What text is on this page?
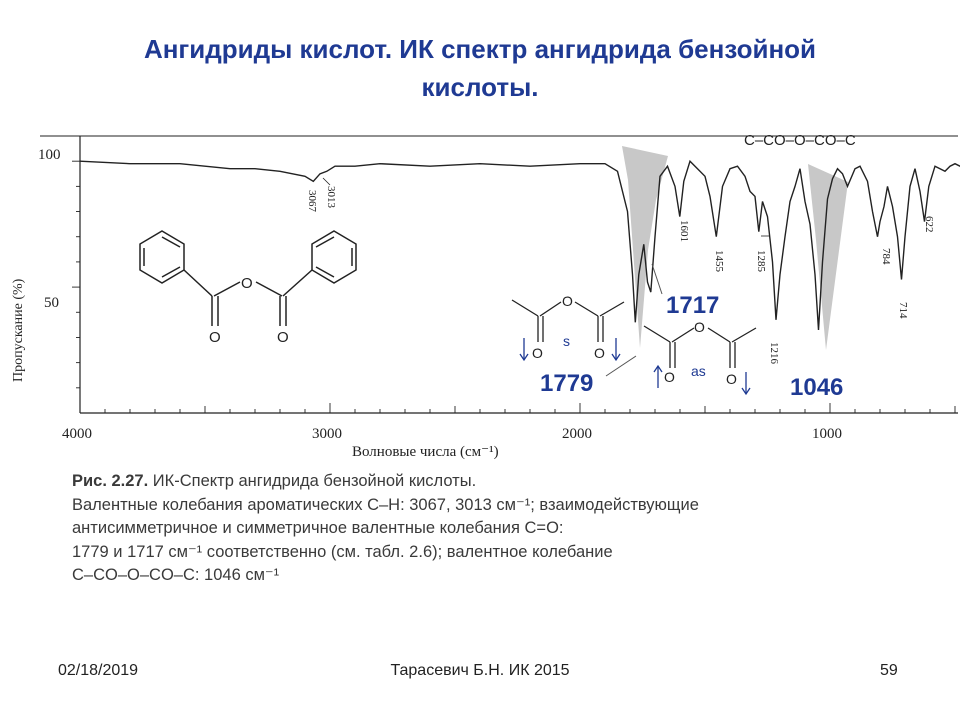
Ангидриды кислот. ИК спектр ангидрида бензойной
кислоты.
100
50
Пропускание (%)
4000	3000	2000	1000
Волновые числа (см⁻¹)
3067 3013
1601
1455	1285
1216
784
714
622
C–CO–O–CO–C
1779
1717
1046
O
O	O
O
O	O
s
O
O	O
as
Рис. 2.27. ИК-Спектр ангидрида бензойной кислоты.
Валентные колебания ароматических C–H: 3067, 3013 см⁻¹; взаимодействующие
антисимметричное и симметричное валентные колебания C=O:
1779 и 1717 см⁻¹ соответственно (см. табл. 2.6); валентное колебание
C–CO–O–CO–C: 1046 см⁻¹
02/18/2019	Тарасевич Б.Н. ИК 2015	59
